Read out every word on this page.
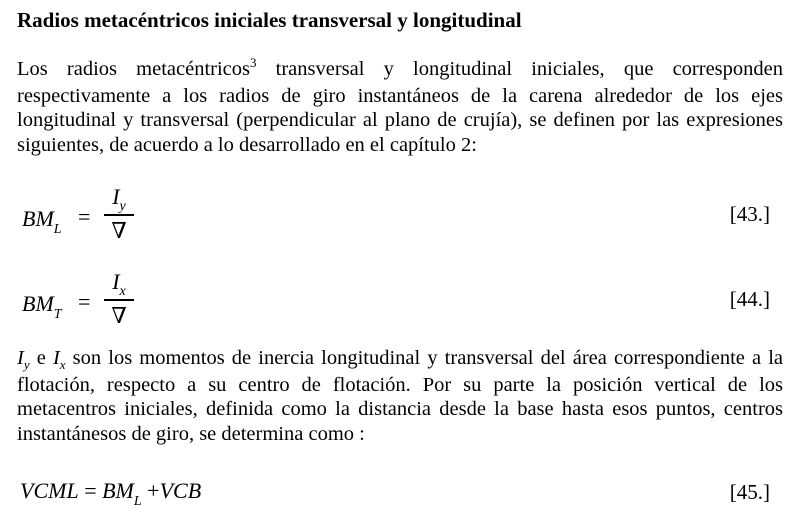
Radios metacéntricos iniciales transversal y longitudinal

Los radios metacéntricos$^3$ transversal y longitudinal iniciales, que corresponden respectivamente a los radios de giro instantáneos de la carena alrededor de los ejes longitudinal y transversal (perpendicular al plano de crujía), se definen por las expresiones siguientes, de acuerdo a lo desarrollado en el capítulo 2:

$BM_L$
=
$I_y$
∇
[43.]
$BM_T$
=
$I_x$
∇
[44.]

$I_y$ e $I_x$ son los momentos de inercia longitudinal y transversal del área correspondiente a la flotación, respecto a su centro de flotación. Por su parte la posición vertical de los metacentros iniciales, definida como la distancia desde la base hasta esos puntos, centros instantánesos de giro, se determina como :

VCML = $BM_L +VCB$	[45.]
